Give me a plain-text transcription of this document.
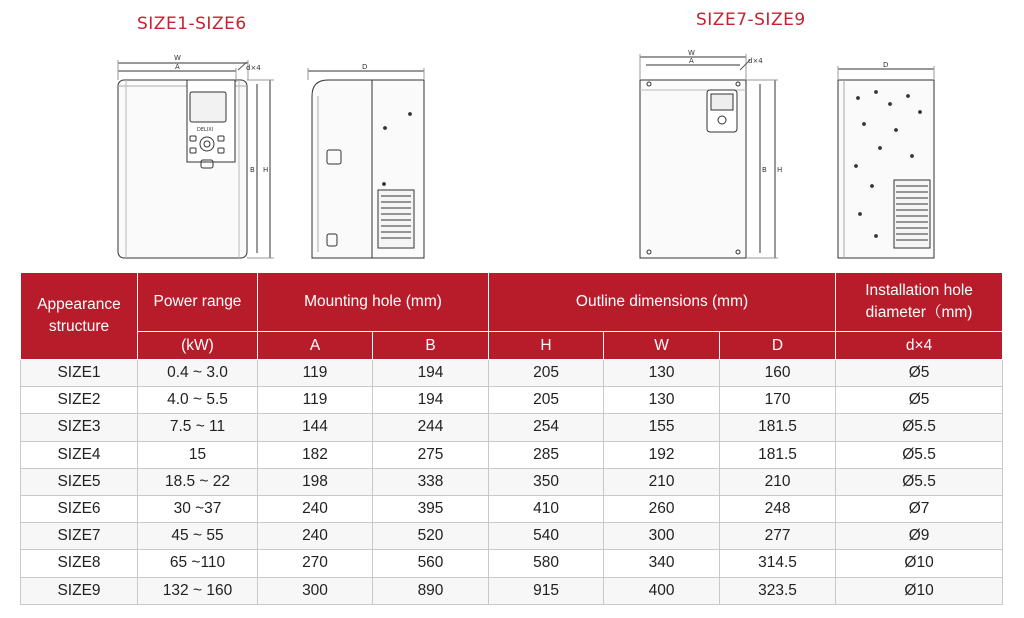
SIZE1-SIZE6	SIZE7-SIZE9
W
A	d×4
B H
DELIXI
D
W
A	d×4
B H
D
Appearance structure	Power range	Mounting hole (mm)		Outline dimensions (mm)			Installation hole diameter（mm)
	(kW)	A	B	H	W	D	d×4
SIZE1	0.4 ~ 3.0	119	194	205	130	160	Ø5
SIZE2	4.0 ~ 5.5	119	194	205	130	170	Ø5
SIZE3	7.5 ~ 11	144	244	254	155	181.5	Ø5.5
SIZE4	15	182	275	285	192	181.5	Ø5.5
SIZE5	18.5 ~ 22	198	338	350	210	210	Ø5.5
SIZE6	30 ~37	240	395	410	260	248	Ø7
SIZE7	45 ~ 55	240	520	540	300	277	Ø9
SIZE8	65 ~110	270	560	580	340	314.5	Ø10
SIZE9	132 ~ 160	300	890	915	400	323.5	Ø10
